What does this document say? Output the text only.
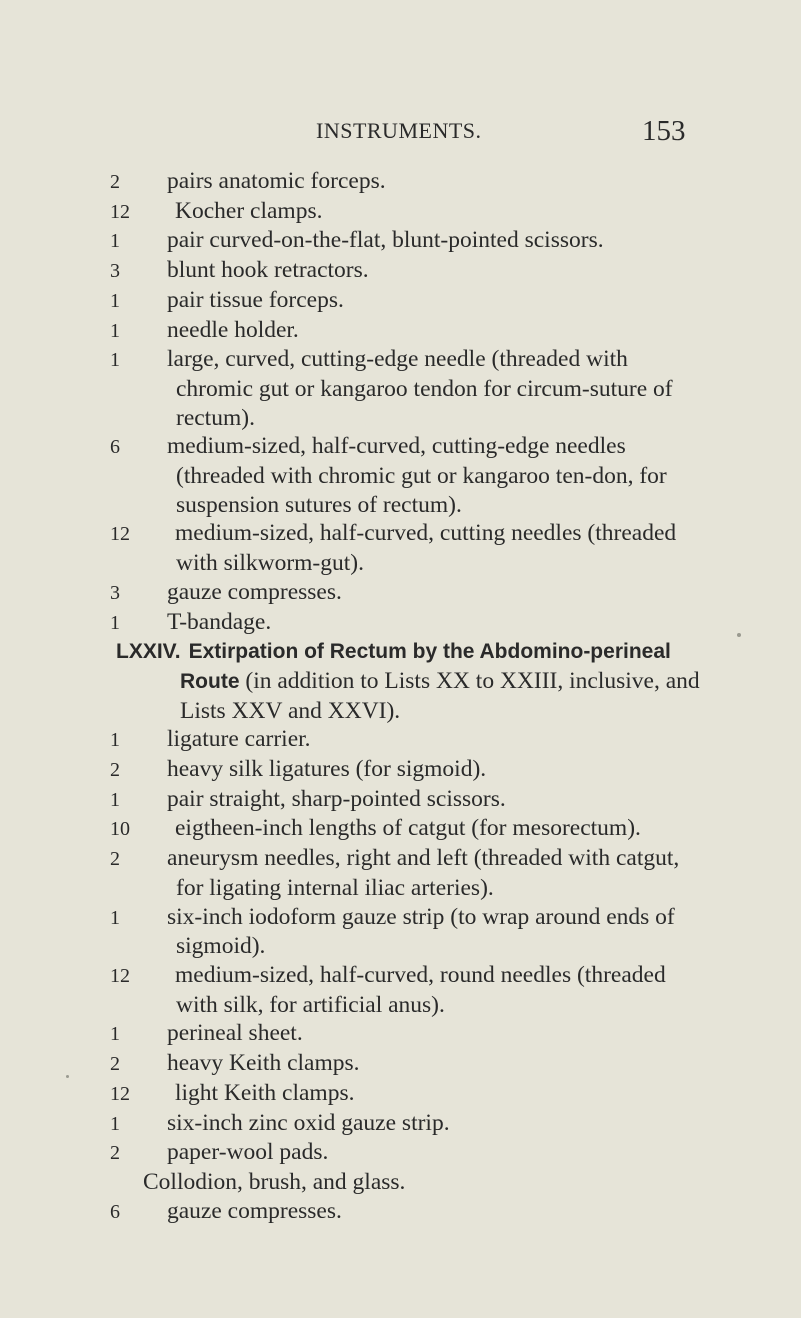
INSTRUMENTS.	153
2 pairs anatomic forceps.
12 Kocher clamps.
1 pair curved-on-the-flat, blunt-pointed scissors.
3 blunt hook retractors.
1 pair tissue forceps.
1 needle holder.
1 large, curved, cutting-edge needle (threaded with chromic gut or kangaroo tendon for circum-suture of rectum).
6 medium-sized, half-curved, cutting-edge needles (threaded with chromic gut or kangaroo ten-don, for suspension sutures of rectum).
12 medium-sized, half-curved, cutting needles (threaded with silkworm-gut).
3 gauze compresses.
1 T-bandage.
LXXIV. Extirpation of Rectum by the Abdomino-perineal Route (in addition to Lists XX to XXIII, inclusive, and Lists XXV and XXVI).
1 ligature carrier.
2 heavy silk ligatures (for sigmoid).
1 pair straight, sharp-pointed scissors.
10 eigtheen-inch lengths of catgut (for mesorectum).
2 aneurysm needles, right and left (threaded with catgut, for ligating internal iliac arteries).
1 six-inch iodoform gauze strip (to wrap around ends of sigmoid).
12 medium-sized, half-curved, round needles (threaded with silk, for artificial anus).
1 perineal sheet.
2 heavy Keith clamps.
12 light Keith clamps.
1 six-inch zinc oxid gauze strip.
2 paper-wool pads.
Collodion, brush, and glass.
6 gauze compresses.
